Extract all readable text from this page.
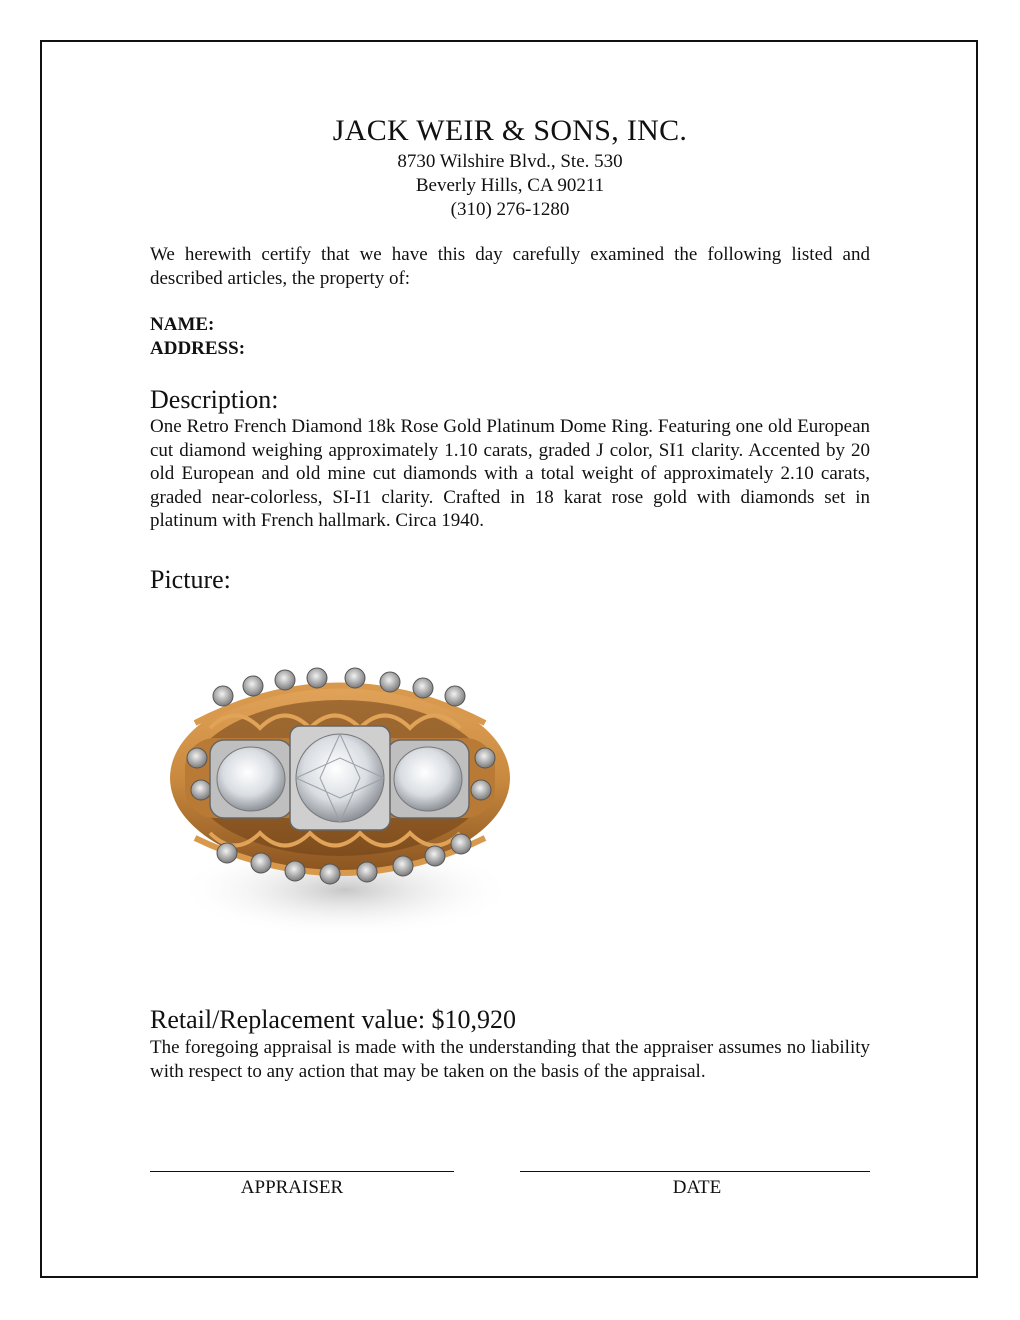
JACK WEIR & SONS, INC.
8730 Wilshire Blvd., Ste. 530
Beverly Hills, CA 90211
(310) 276-1280
We herewith certify that we have this day carefully examined the following listed and described articles, the property of:
NAME:
ADDRESS:
Description:
One Retro French Diamond 18k Rose Gold Platinum Dome Ring. Featuring one old European cut diamond weighing approximately 1.10 carats, graded J color, SI1 clarity. Accented by 20 old European and old mine cut diamonds with a total weight of approximately 2.10 carats, graded near-colorless, SI-I1 clarity. Crafted in 18 karat rose gold with diamonds set in platinum with French hallmark. Circa 1940.
Picture:
Retail/Replacement value: $10,920
The foregoing appraisal is made with the understanding that the appraiser assumes no liability with respect to any action that may be taken on the basis of the appraisal.
APPRAISER	DATE
